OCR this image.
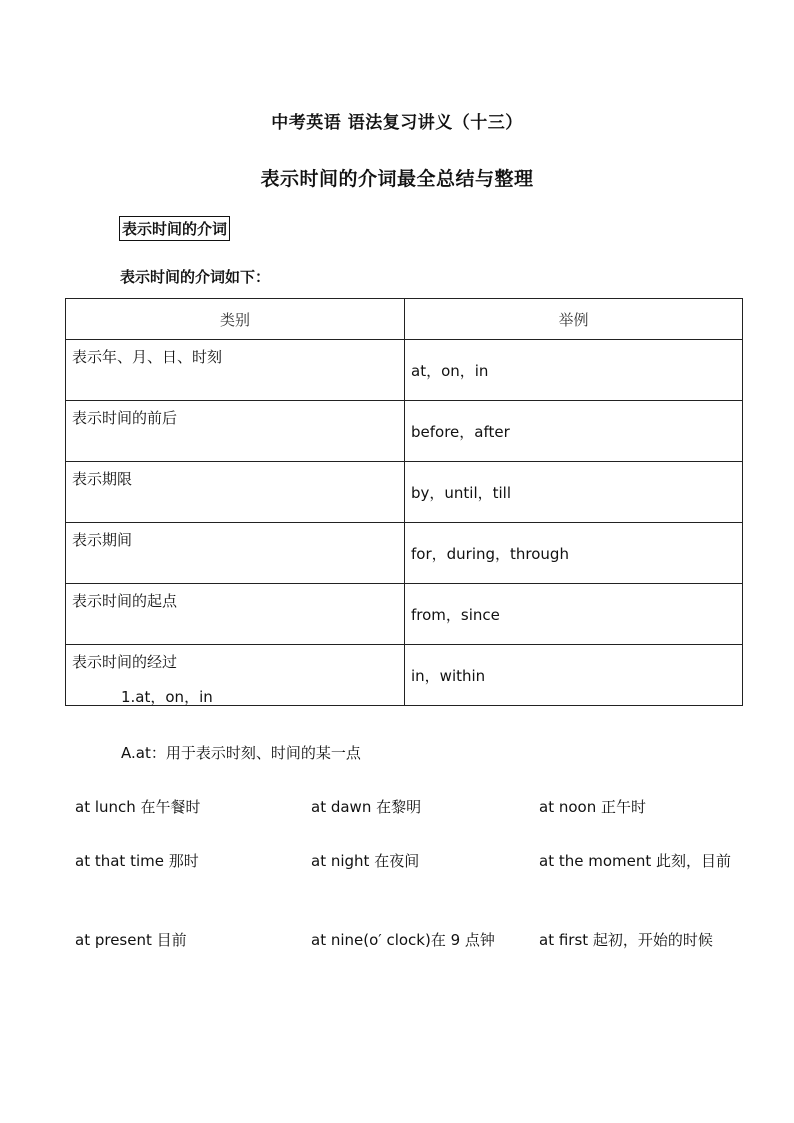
中考英语 语法复习讲义（十三）
表示时间的介词最全总结与整理
表示时间的介词
表示时间的介词如下：
类别	举例
表示年、月、日、时刻	at，on，in
表示时间的前后	before，after
表示期限	by，until，till
表示期间	for，during，through
表示时间的起点	from，since
表示时间的经过	in，within
1.at，on，in
A.at：用于表示时刻、时间的某一点
at lunch 在午餐时	at dawn 在黎明	at noon 正午时
at that time 那时	at night 在夜间	at the moment 此刻，目前
at present 目前	at nine(o′ clock)在 9 点钟	at first 起初，开始的时候
